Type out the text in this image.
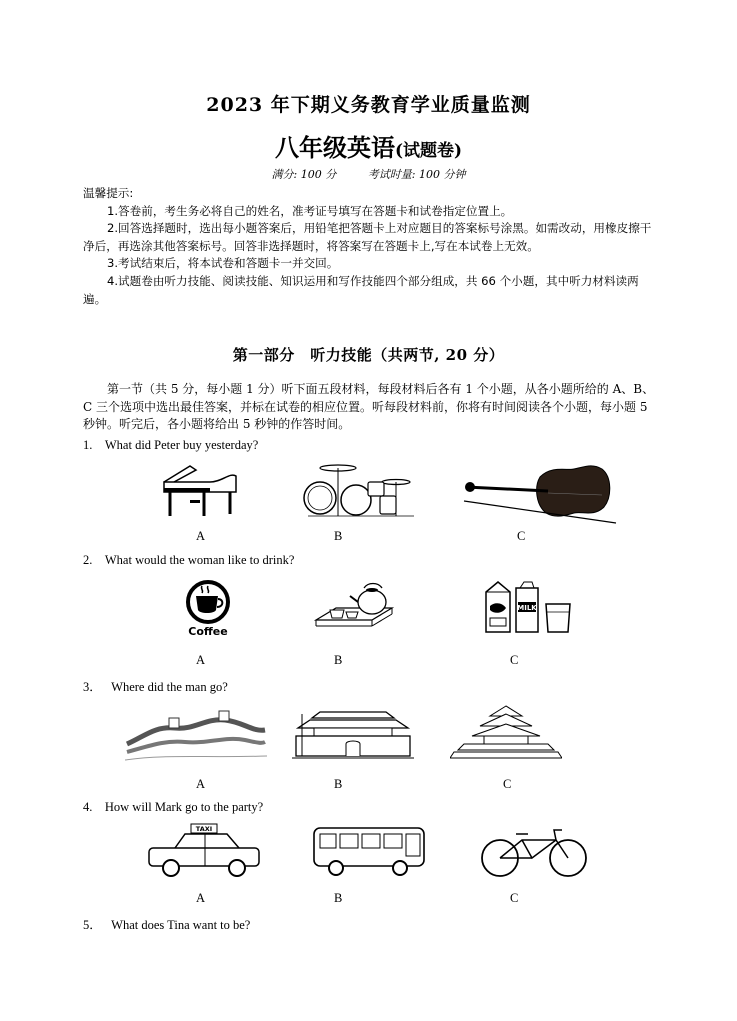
2023 年下期义务教育学业质量监测
八年级英语(试题卷)
满分: 100 分	考试时量: 100 分钟
温馨提示:

1.答卷前，考生务必将自己的姓名，准考证号填写在答题卡和试卷指定位置上。

2.回答选择题时，选出每小题答案后，用铅笔把答题卡上对应题目的答案标号涂黑。如需改动，用橡皮擦干净后，再选涂其他答案标号。回答非选择题时，将答案写在答题卡上,写在本试卷上无效。

3.考试结束后，将本试卷和答题卡一并交回。

4.试题卷由听力技能、阅读技能、知识运用和写作技能四个部分组成，共 66 个小题，其中听力材料读两遍。

第一部分　听力技能（共两节, 20 分）

第一节（共 5 分，每小题 1 分）听下面五段材料，每段材料后各有 1 个小题，从各小题所给的 A、B、C 三个选项中选出最佳答案，并标在试卷的相应位置。听每段材料前，你将有时间阅读各个小题，每小题 5 秒钟。听完后，各小题将给出 5 秒钟的作答时间。

1. What did Peter buy yesterday?
A	B	C
2. What would the woman like to drink?
Coffee
MILK
A	B	C
3． Where did the man go?
A	B	C
4. How will Mark go to the party?
TAXI
A	B	C
5． What does Tina want to be?
